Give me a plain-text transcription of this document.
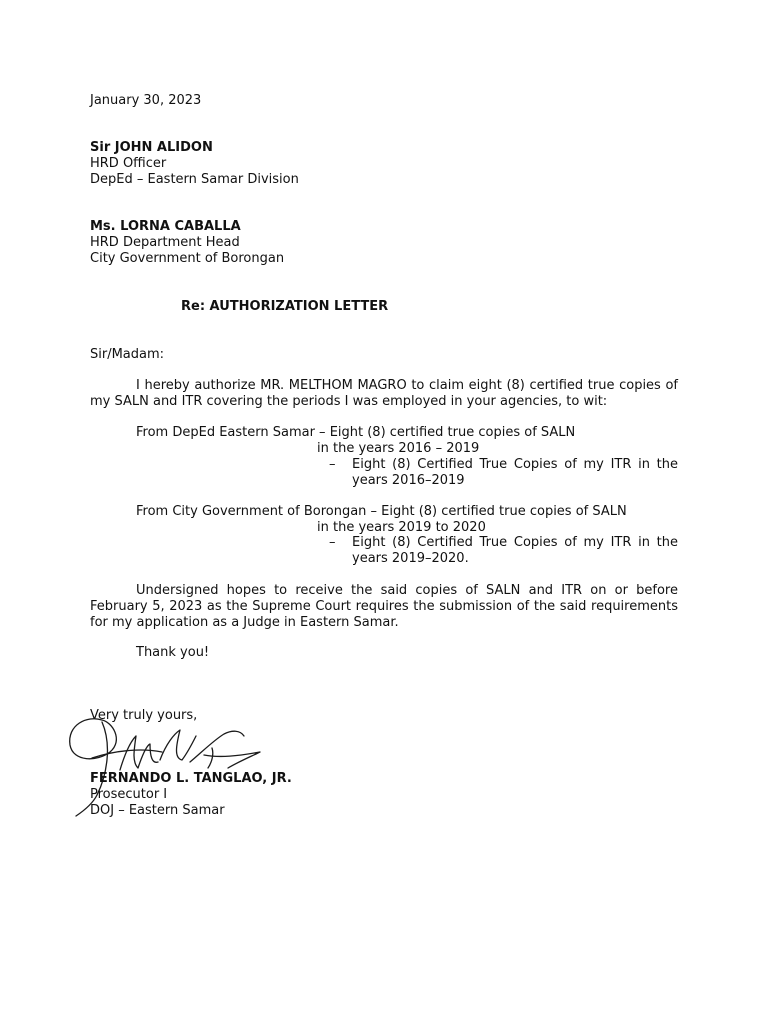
January 30, 2023
Sir JOHN ALIDON
HRD Officer
DepEd – Eastern Samar Division
Ms. LORNA CABALLA
HRD Department Head
City Government of Borongan
Re: AUTHORIZATION LETTER
Sir/Madam:
I hereby authorize MR. MELTHOM MAGRO to claim eight (8) certified true copies of my SALN and ITR covering the periods I was employed in your agencies, to wit:
From DepEd Eastern Samar – Eight (8) certified true copies of SALN
in the years 2016 – 2019
– Eight (8) Certified True Copies of my ITR in the years 2016–2019
From City Government of Borongan – Eight (8) certified true copies of SALN
in the years 2019 to 2020
– Eight (8) Certified True Copies of my ITR in the years 2019–2020.
Undersigned hopes to receive the said copies of SALN and ITR on or before February 5, 2023 as the Supreme Court requires the submission of the said requirements for my application as a Judge in Eastern Samar.
Thank you!
Very truly yours,
FERNANDO L. TANGLAO, JR.
Prosecutor I
DOJ – Eastern Samar
